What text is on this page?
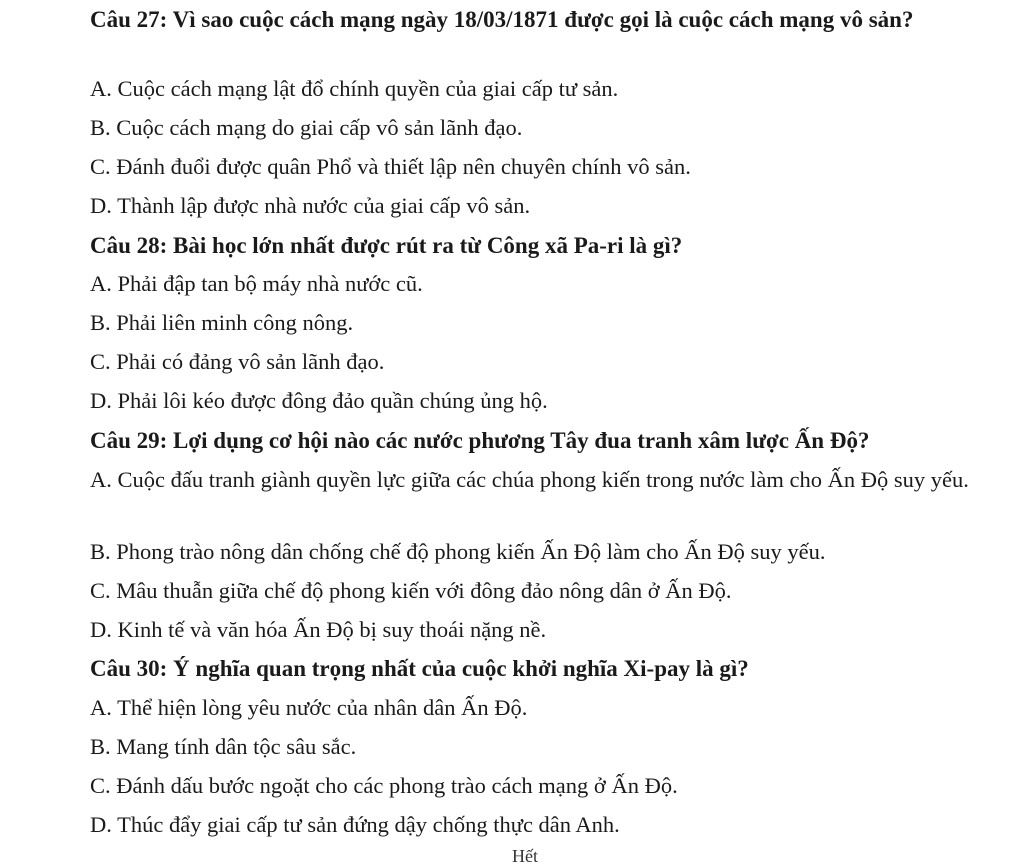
Câu 27: Vì sao cuộc cách mạng ngày 18/03/1871 được gọi là cuộc cách mạng vô sản?

A. Cuộc cách mạng lật đổ chính quyền của giai cấp tư sản.

B. Cuộc cách mạng do giai cấp vô sản lãnh đạo.

C. Đánh đuổi được quân Phổ và thiết lập nên chuyên chính vô sản.

D. Thành lập được nhà nước của giai cấp vô sản.

Câu 28: Bài học lớn nhất được rút ra từ Công xã Pa-ri là gì?

A. Phải đập tan bộ máy nhà nước cũ.

B. Phải liên minh công nông.

C. Phải có đảng vô sản lãnh đạo.

D. Phải lôi kéo được đông đảo quần chúng ủng hộ.

Câu 29: Lợi dụng cơ hội nào các nước phương Tây đua tranh xâm lược Ấn Độ?

A. Cuộc đấu tranh giành quyền lực giữa các chúa phong kiến trong nước làm cho Ấn Độ suy yếu.

B. Phong trào nông dân chống chế độ phong kiến Ấn Độ làm cho Ấn Độ suy yếu.

C. Mâu thuẫn giữa chế độ phong kiến với đông đảo nông dân ở Ấn Độ.

D. Kinh tế và văn hóa Ấn Độ bị suy thoái nặng nề.

Câu 30: Ý nghĩa quan trọng nhất của cuộc khởi nghĩa Xi-pay là gì?

A. Thể hiện lòng yêu nước của nhân dân Ấn Độ.

B. Mang tính dân tộc sâu sắc.

C. Đánh dấu bước ngoặt cho các phong trào cách mạng ở Ấn Độ.

D. Thúc đẩy giai cấp tư sản đứng dậy chống thực dân Anh.

Hết
